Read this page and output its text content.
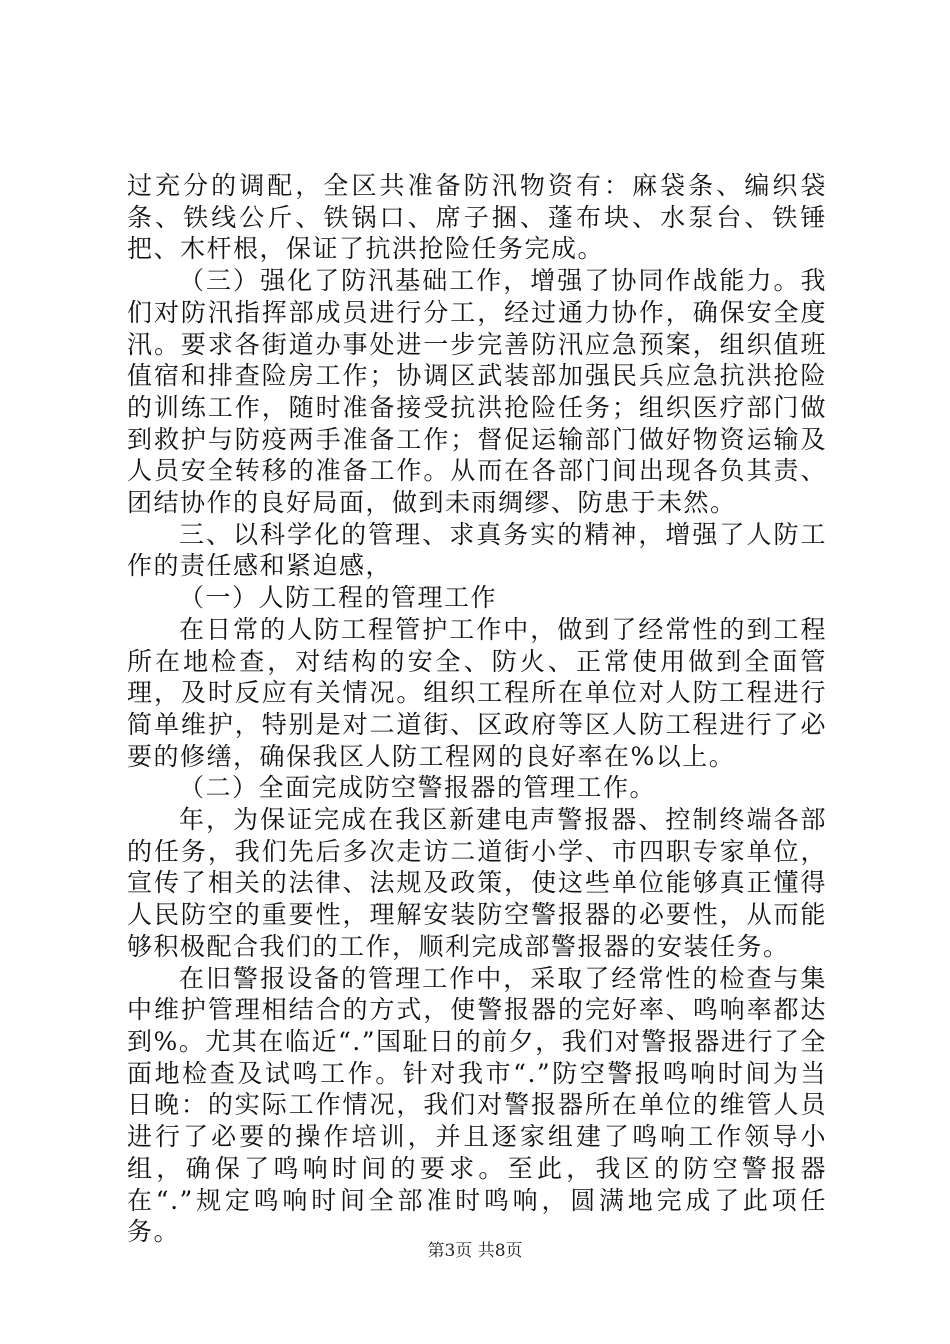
过充分的调配，全区共准备防汛物资有：麻袋条、编织袋条、铁线公斤、铁锅口、席子捆、蓬布块、水泵台、铁锤把、木杆根，保证了抗洪抢险任务完成。

（三）强化了防汛基础工作，增强了协同作战能力。我们对防汛指挥部成员进行分工，经过通力协作，确保安全度汛。要求各街道办事处进一步完善防汛应急预案，组织值班值宿和排查险房工作；协调区武装部加强民兵应急抗洪抢险的训练工作，随时准备接受抗洪抢险任务；组织医疗部门做到救护与防疫两手准备工作；督促运输部门做好物资运输及人员安全转移的准备工作。从而在各部门间出现各负其责、团结协作的良好局面，做到未雨绸缪、防患于未然。

三、以科学化的管理、求真务实的精神，增强了人防工作的责任感和紧迫感，

（一）人防工程的管理工作

在日常的人防工程管护工作中，做到了经常性的到工程所在地检查，对结构的安全、防火、正常使用做到全面管理，及时反应有关情况。组织工程所在单位对人防工程进行简单维护，特别是对二道街、区政府等区人防工程进行了必要的修缮，确保我区人防工程网的良好率在%以上。

（二）全面完成防空警报器的管理工作。

年，为保证完成在我区新建电声警报器、控制终端各部的任务，我们先后多次走访二道街小学、市四职专家单位，宣传了相关的法律、法规及政策，使这些单位能够真正懂得人民防空的重要性，理解安装防空警报器的必要性，从而能够积极配合我们的工作，顺利完成部警报器的安装任务。

在旧警报设备的管理工作中，采取了经常性的检查与集中维护管理相结合的方式，使警报器的完好率、鸣响率都达到%。尤其在临近“.”国耻日的前夕，我们对警报器进行了全面地检查及试鸣工作。针对我市“.”防空警报鸣响时间为当日晚：的实际工作情况，我们对警报器所在单位的维管人员进行了必要的操作培训，并且逐家组建了鸣响工作领导小组，确保了鸣响时间的要求。至此，我区的防空警报器在“.”规定鸣响时间全部准时鸣响，圆满地完成了此项任务。

第3页 共8页
